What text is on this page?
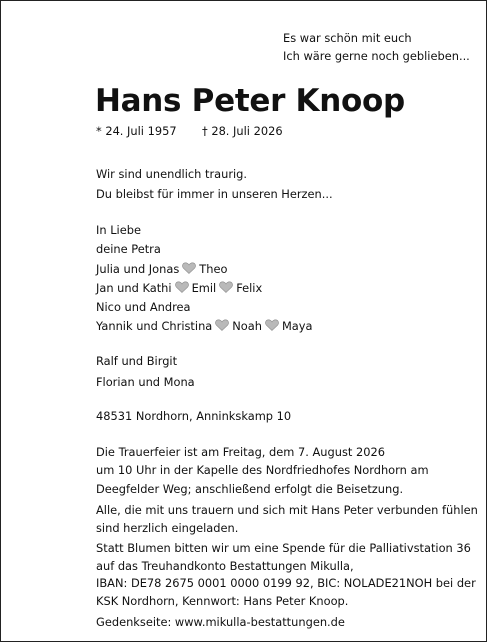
Es war schön mit euch
Ich wäre gerne noch geblieben...
Hans Peter Knoop
* 24. Juli 1957 † 28. Juli 2026
Wir sind unendlich traurig.
Du bleibst für immer in unseren Herzen...
In Liebe
deine Petra
Julia und Jonas Theo
Jan und Kathi Emil Felix
Nico und Andrea
Yannik und Christina Noah Maya
Ralf und Birgit
Florian und Mona
48531 Nordhorn, Anninkskamp 10
Die Trauerfeier ist am Freitag, dem 7. August 2026
um 10 Uhr in der Kapelle des Nordfriedhofes Nordhorn am
Deegfelder Weg; anschließend erfolgt die Beisetzung.
Alle, die mit uns trauern und sich mit Hans Peter verbunden fühlen
sind herzlich eingeladen.
Statt Blumen bitten wir um eine Spende für die Palliativstation 36
auf das Treuhandkonto Bestattungen Mikulla,
IBAN: DE78 2675 0001 0000 0199 92, BIC: NOLADE21NOH bei der
KSK Nordhorn, Kennwort: Hans Peter Knoop.
Gedenkseite: www.mikulla-bestattungen.de
